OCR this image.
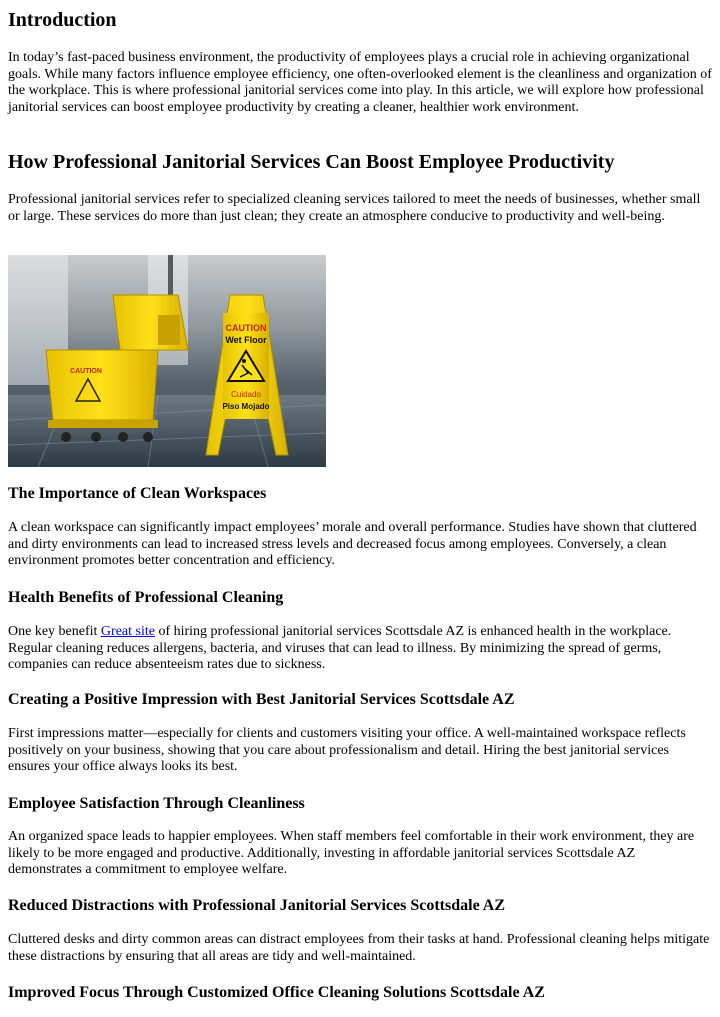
Introduction

In today’s fast-paced business environment, the productivity of employees plays a crucial role in achieving organizational goals. While many factors influence employee efficiency, one often-overlooked element is the cleanliness and organization of the workplace. This is where professional janitorial services come into play. In this article, we will explore how professional janitorial services can boost employee productivity by creating a cleaner, healthier work environment.

How Professional Janitorial Services Can Boost Employee Productivity

Professional janitorial services refer to specialized cleaning services tailored to meet the needs of businesses, whether small or large. These services do more than just clean; they create an atmosphere conducive to productivity and well-being.

CAUTION
CAUTION
Wet Floor
Cuidado
Piso Mojado
The Importance of Clean Workspaces

A clean workspace can significantly impact employees’ morale and overall performance. Studies have shown that cluttered and dirty environments can lead to increased stress levels and decreased focus among employees. Conversely, a clean environment promotes better concentration and efficiency.

Health Benefits of Professional Cleaning

One key benefit Great site of hiring professional janitorial services Scottsdale AZ is enhanced health in the workplace. Regular cleaning reduces allergens, bacteria, and viruses that can lead to illness. By minimizing the spread of germs, companies can reduce absenteeism rates due to sickness.

Creating a Positive Impression with Best Janitorial Services Scottsdale AZ

First impressions matter—especially for clients and customers visiting your office. A well-maintained workspace reflects positively on your business, showing that you care about professionalism and detail. Hiring the best janitorial services ensures your office always looks its best.

Employee Satisfaction Through Cleanliness

An organized space leads to happier employees. When staff members feel comfortable in their work environment, they are likely to be more engaged and productive. Additionally, investing in affordable janitorial services Scottsdale AZ demonstrates a commitment to employee welfare.

Reduced Distractions with Professional Janitorial Services Scottsdale AZ

Cluttered desks and dirty common areas can distract employees from their tasks at hand. Professional cleaning helps mitigate these distractions by ensuring that all areas are tidy and well-maintained.

Improved Focus Through Customized Office Cleaning Solutions Scottsdale AZ
